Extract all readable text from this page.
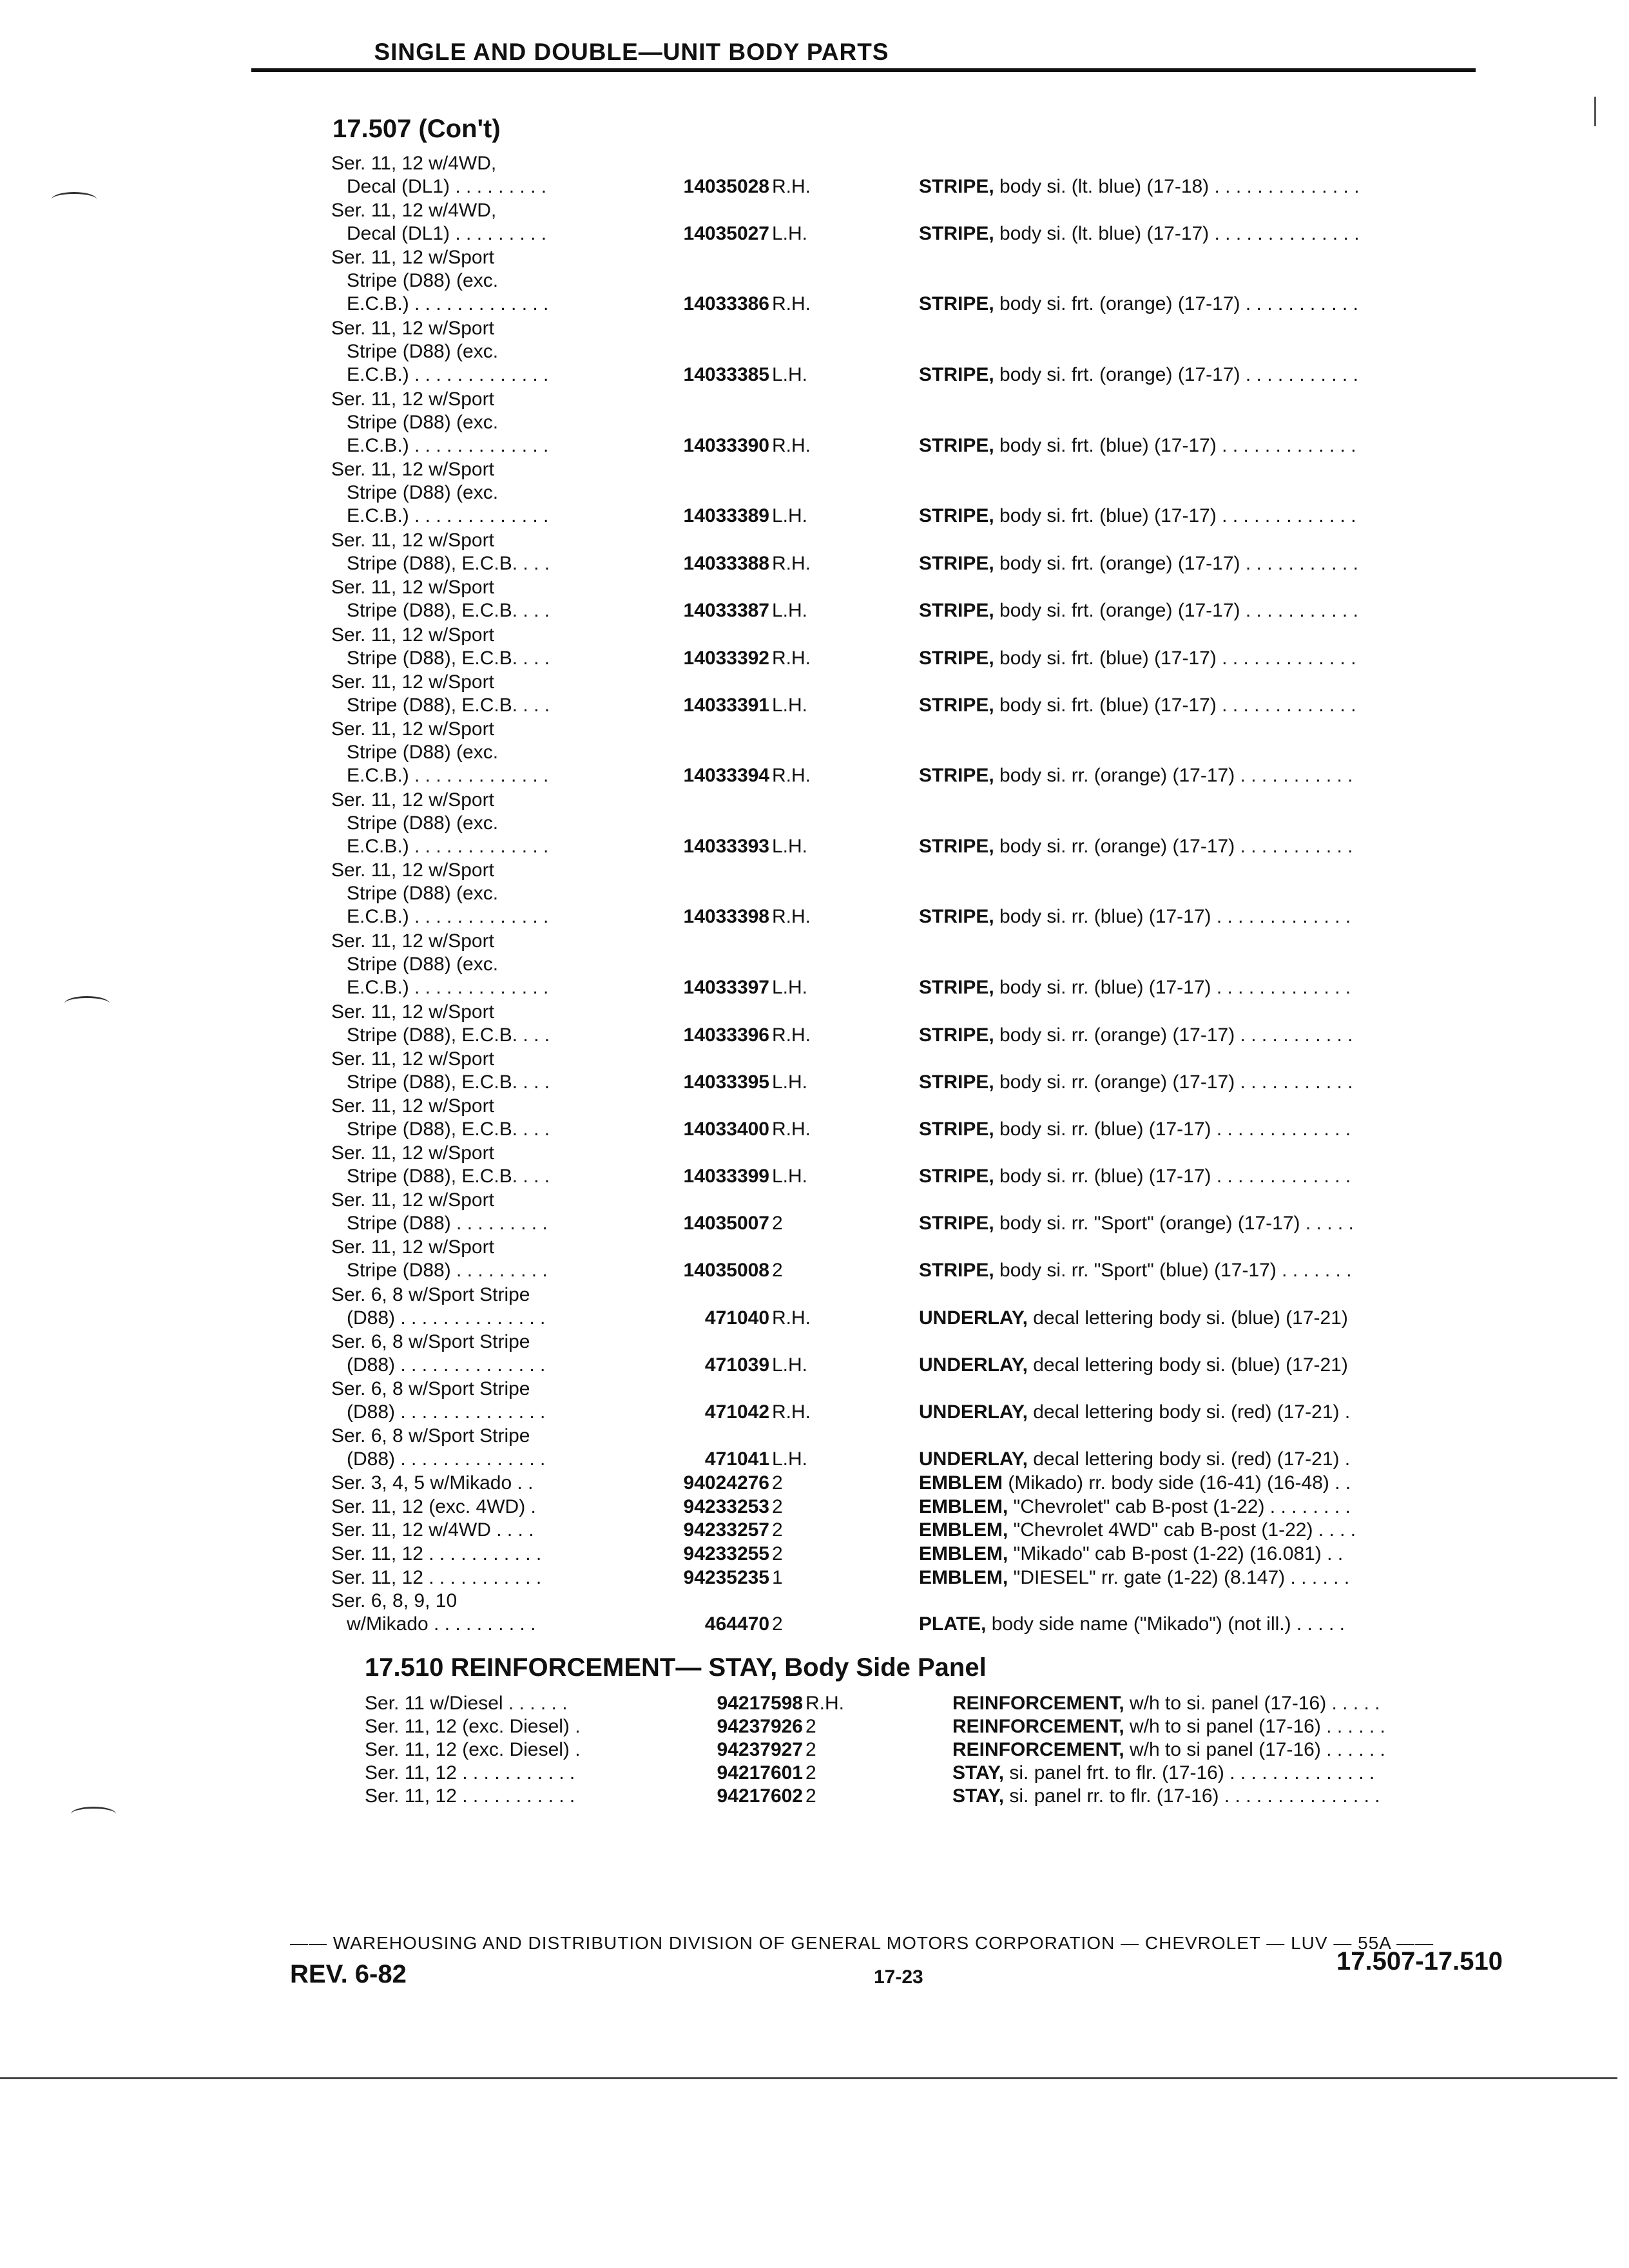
SINGLE AND DOUBLE—UNIT BODY PARTS
17.507 (Con't)
Ser. 11, 12 w/4WD,
Decal (DL1) . . . . . . . . .	14035028 R.H.	STRIPE, body si. (lt. blue) (17-18) . . . . . . . . . . . . . .
Ser. 11, 12 w/4WD,
Decal (DL1) . . . . . . . . .	14035027 L.H.	STRIPE, body si. (lt. blue) (17-17) . . . . . . . . . . . . . .
Ser. 11, 12 w/Sport
Stripe (D88) (exc.
E.C.B.) . . . . . . . . . . . . .	14033386 R.H.	STRIPE, body si. frt. (orange) (17-17) . . . . . . . . . . .
Ser. 11, 12 w/Sport
Stripe (D88) (exc.
E.C.B.) . . . . . . . . . . . . .	14033385 L.H.	STRIPE, body si. frt. (orange) (17-17) . . . . . . . . . . .
Ser. 11, 12 w/Sport
Stripe (D88) (exc.
E.C.B.) . . . . . . . . . . . . .	14033390 R.H.	STRIPE, body si. frt. (blue) (17-17) . . . . . . . . . . . . .
Ser. 11, 12 w/Sport
Stripe (D88) (exc.
E.C.B.) . . . . . . . . . . . . .	14033389 L.H.	STRIPE, body si. frt. (blue) (17-17) . . . . . . . . . . . . .
Ser. 11, 12 w/Sport
Stripe (D88), E.C.B. . . .	14033388 R.H.	STRIPE, body si. frt. (orange) (17-17) . . . . . . . . . . .
Ser. 11, 12 w/Sport
Stripe (D88), E.C.B. . . .	14033387 L.H.	STRIPE, body si. frt. (orange) (17-17) . . . . . . . . . . .
Ser. 11, 12 w/Sport
Stripe (D88), E.C.B. . . .	14033392 R.H.	STRIPE, body si. frt. (blue) (17-17) . . . . . . . . . . . . .
Ser. 11, 12 w/Sport
Stripe (D88), E.C.B. . . .	14033391 L.H.	STRIPE, body si. frt. (blue) (17-17) . . . . . . . . . . . . .
Ser. 11, 12 w/Sport
Stripe (D88) (exc.
E.C.B.) . . . . . . . . . . . . .	14033394 R.H.	STRIPE, body si. rr. (orange) (17-17) . . . . . . . . . . .
Ser. 11, 12 w/Sport
Stripe (D88) (exc.
E.C.B.) . . . . . . . . . . . . .	14033393 L.H.	STRIPE, body si. rr. (orange) (17-17) . . . . . . . . . . .
Ser. 11, 12 w/Sport
Stripe (D88) (exc.
E.C.B.) . . . . . . . . . . . . .	14033398 R.H.	STRIPE, body si. rr. (blue) (17-17) . . . . . . . . . . . . .
Ser. 11, 12 w/Sport
Stripe (D88) (exc.
E.C.B.) . . . . . . . . . . . . .	14033397 L.H.	STRIPE, body si. rr. (blue) (17-17) . . . . . . . . . . . . .
Ser. 11, 12 w/Sport
Stripe (D88), E.C.B. . . .	14033396 R.H.	STRIPE, body si. rr. (orange) (17-17) . . . . . . . . . . .
Ser. 11, 12 w/Sport
Stripe (D88), E.C.B. . . .	14033395 L.H.	STRIPE, body si. rr. (orange) (17-17) . . . . . . . . . . .
Ser. 11, 12 w/Sport
Stripe (D88), E.C.B. . . .	14033400 R.H.	STRIPE, body si. rr. (blue) (17-17) . . . . . . . . . . . . .
Ser. 11, 12 w/Sport
Stripe (D88), E.C.B. . . .	14033399 L.H.	STRIPE, body si. rr. (blue) (17-17) . . . . . . . . . . . . .
Ser. 11, 12 w/Sport
Stripe (D88) . . . . . . . . .	14035007 2	STRIPE, body si. rr. "Sport" (orange) (17-17) . . . . .
Ser. 11, 12 w/Sport
Stripe (D88) . . . . . . . . .	14035008 2	STRIPE, body si. rr. "Sport" (blue) (17-17) . . . . . . .
Ser. 6, 8 w/Sport Stripe
(D88) . . . . . . . . . . . . . .	471040 R.H.	UNDERLAY, decal lettering body si. (blue) (17-21)
Ser. 6, 8 w/Sport Stripe
(D88) . . . . . . . . . . . . . .	471039 L.H.	UNDERLAY, decal lettering body si. (blue) (17-21)
Ser. 6, 8 w/Sport Stripe
(D88) . . . . . . . . . . . . . .	471042 R.H.	UNDERLAY, decal lettering body si. (red) (17-21) .
Ser. 6, 8 w/Sport Stripe
(D88) . . . . . . . . . . . . . .	471041 L.H.	UNDERLAY, decal lettering body si. (red) (17-21) .
Ser. 3, 4, 5 w/Mikado . .	94024276 2	EMBLEM (Mikado) rr. body side (16-41) (16-48) . .
Ser. 11, 12 (exc. 4WD) .	94233253 2	EMBLEM, "Chevrolet" cab B-post (1-22) . . . . . . . .
Ser. 11, 12 w/4WD . . . .	94233257 2	EMBLEM, "Chevrolet 4WD" cab B-post (1-22) . . . .
Ser. 11, 12 . . . . . . . . . . .	94233255 2	EMBLEM, "Mikado" cab B-post (1-22) (16.081) . .
Ser. 11, 12 . . . . . . . . . . .	94235235 1	EMBLEM, "DIESEL" rr. gate (1-22) (8.147) . . . . . .
Ser. 6, 8, 9, 10
w/Mikado . . . . . . . . . .	464470 2	PLATE, body side name ("Mikado") (not ill.) . . . . .
17.510 REINFORCEMENT— STAY, Body Side Panel
Ser. 11 w/Diesel . . . . . .	94217598 R.H.	REINFORCEMENT, w/h to si. panel (17-16) . . . . .
Ser. 11, 12 (exc. Diesel) .	94237926 2	REINFORCEMENT, w/h to si panel (17-16) . . . . . .
Ser. 11, 12 (exc. Diesel) .	94237927 2	REINFORCEMENT, w/h to si panel (17-16) . . . . . .
Ser. 11, 12 . . . . . . . . . . .	94217601 2	STAY, si. panel frt. to flr. (17-16) . . . . . . . . . . . . . .
Ser. 11, 12 . . . . . . . . . . .	94217602 2	STAY, si. panel rr. to flr. (17-16) . . . . . . . . . . . . . . .
—— WAREHOUSING AND DISTRIBUTION DIVISION OF GENERAL MOTORS CORPORATION — CHEVROLET — LUV — 55A ——
REV. 6-82	17-23
17.507-17.510
